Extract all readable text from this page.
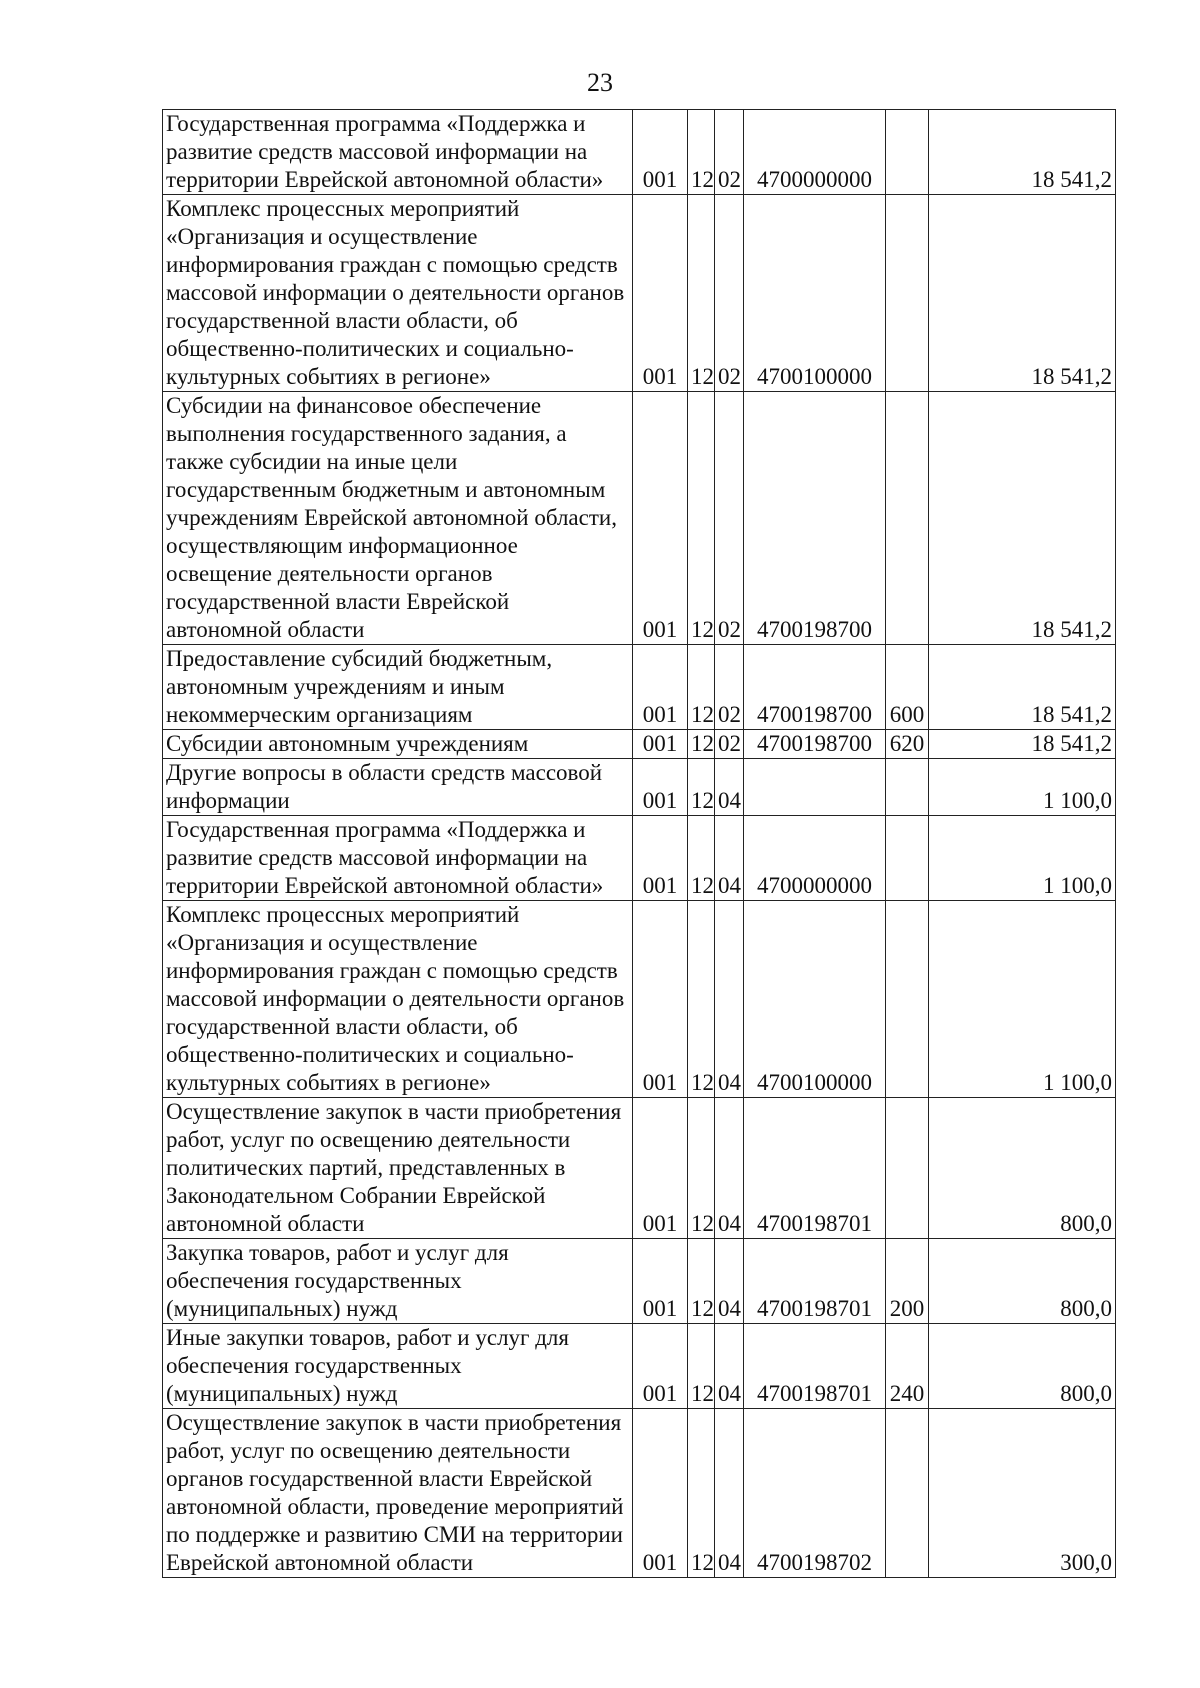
23
Государственная программа «Поддержка и развитие средств массовой информации на территории Еврейской автономной области»	001	12	02	4700000000		18 541,2
Комплекс процессных мероприятий «Организация и осуществление информирования граждан с помощью средств массовой информации о деятельности органов государственной власти области, об общественно-политических и социально-культурных событиях в регионе»	001	12	02	4700100000		18 541,2
Субсидии на финансовое обеспечение выполнения государственного задания, а также субсидии на иные цели государственным бюджетным и автономным учреждениям Еврейской автономной области, осуществляющим информационное освещение деятельности органов государственной власти Еврейской автономной области	001	12	02	4700198700		18 541,2
Предоставление субсидий бюджетным, автономным учреждениям и иным некоммерческим организациям	001	12	02	4700198700	600	18 541,2
Субсидии автономным учреждениям	001	12	02	4700198700	620	18 541,2
Другие вопросы в области средств массовой информации	001	12	04			1 100,0
Государственная программа «Поддержка и развитие средств массовой информации на территории Еврейской автономной области»	001	12	04	4700000000		1 100,0
Комплекс процессных мероприятий «Организация и осуществление информирования граждан с помощью средств массовой информации о деятельности органов государственной власти области, об общественно-политических и социально-культурных событиях в регионе»	001	12	04	4700100000		1 100,0
Осуществление закупок в части приобретения работ, услуг по освещению деятельности политических партий, представленных в Законодательном Собрании Еврейской автономной области	001	12	04	4700198701		800,0
Закупка товаров, работ и услуг для обеспечения государственных (муниципальных) нужд	001	12	04	4700198701	200	800,0
Иные закупки товаров, работ и услуг для обеспечения государственных (муниципальных) нужд	001	12	04	4700198701	240	800,0
Осуществление закупок в части приобретения работ, услуг по освещению деятельности органов государственной власти Еврейской автономной области, проведение мероприятий по поддержке и развитию СМИ на территории Еврейской автономной области	001	12	04	4700198702		300,0
